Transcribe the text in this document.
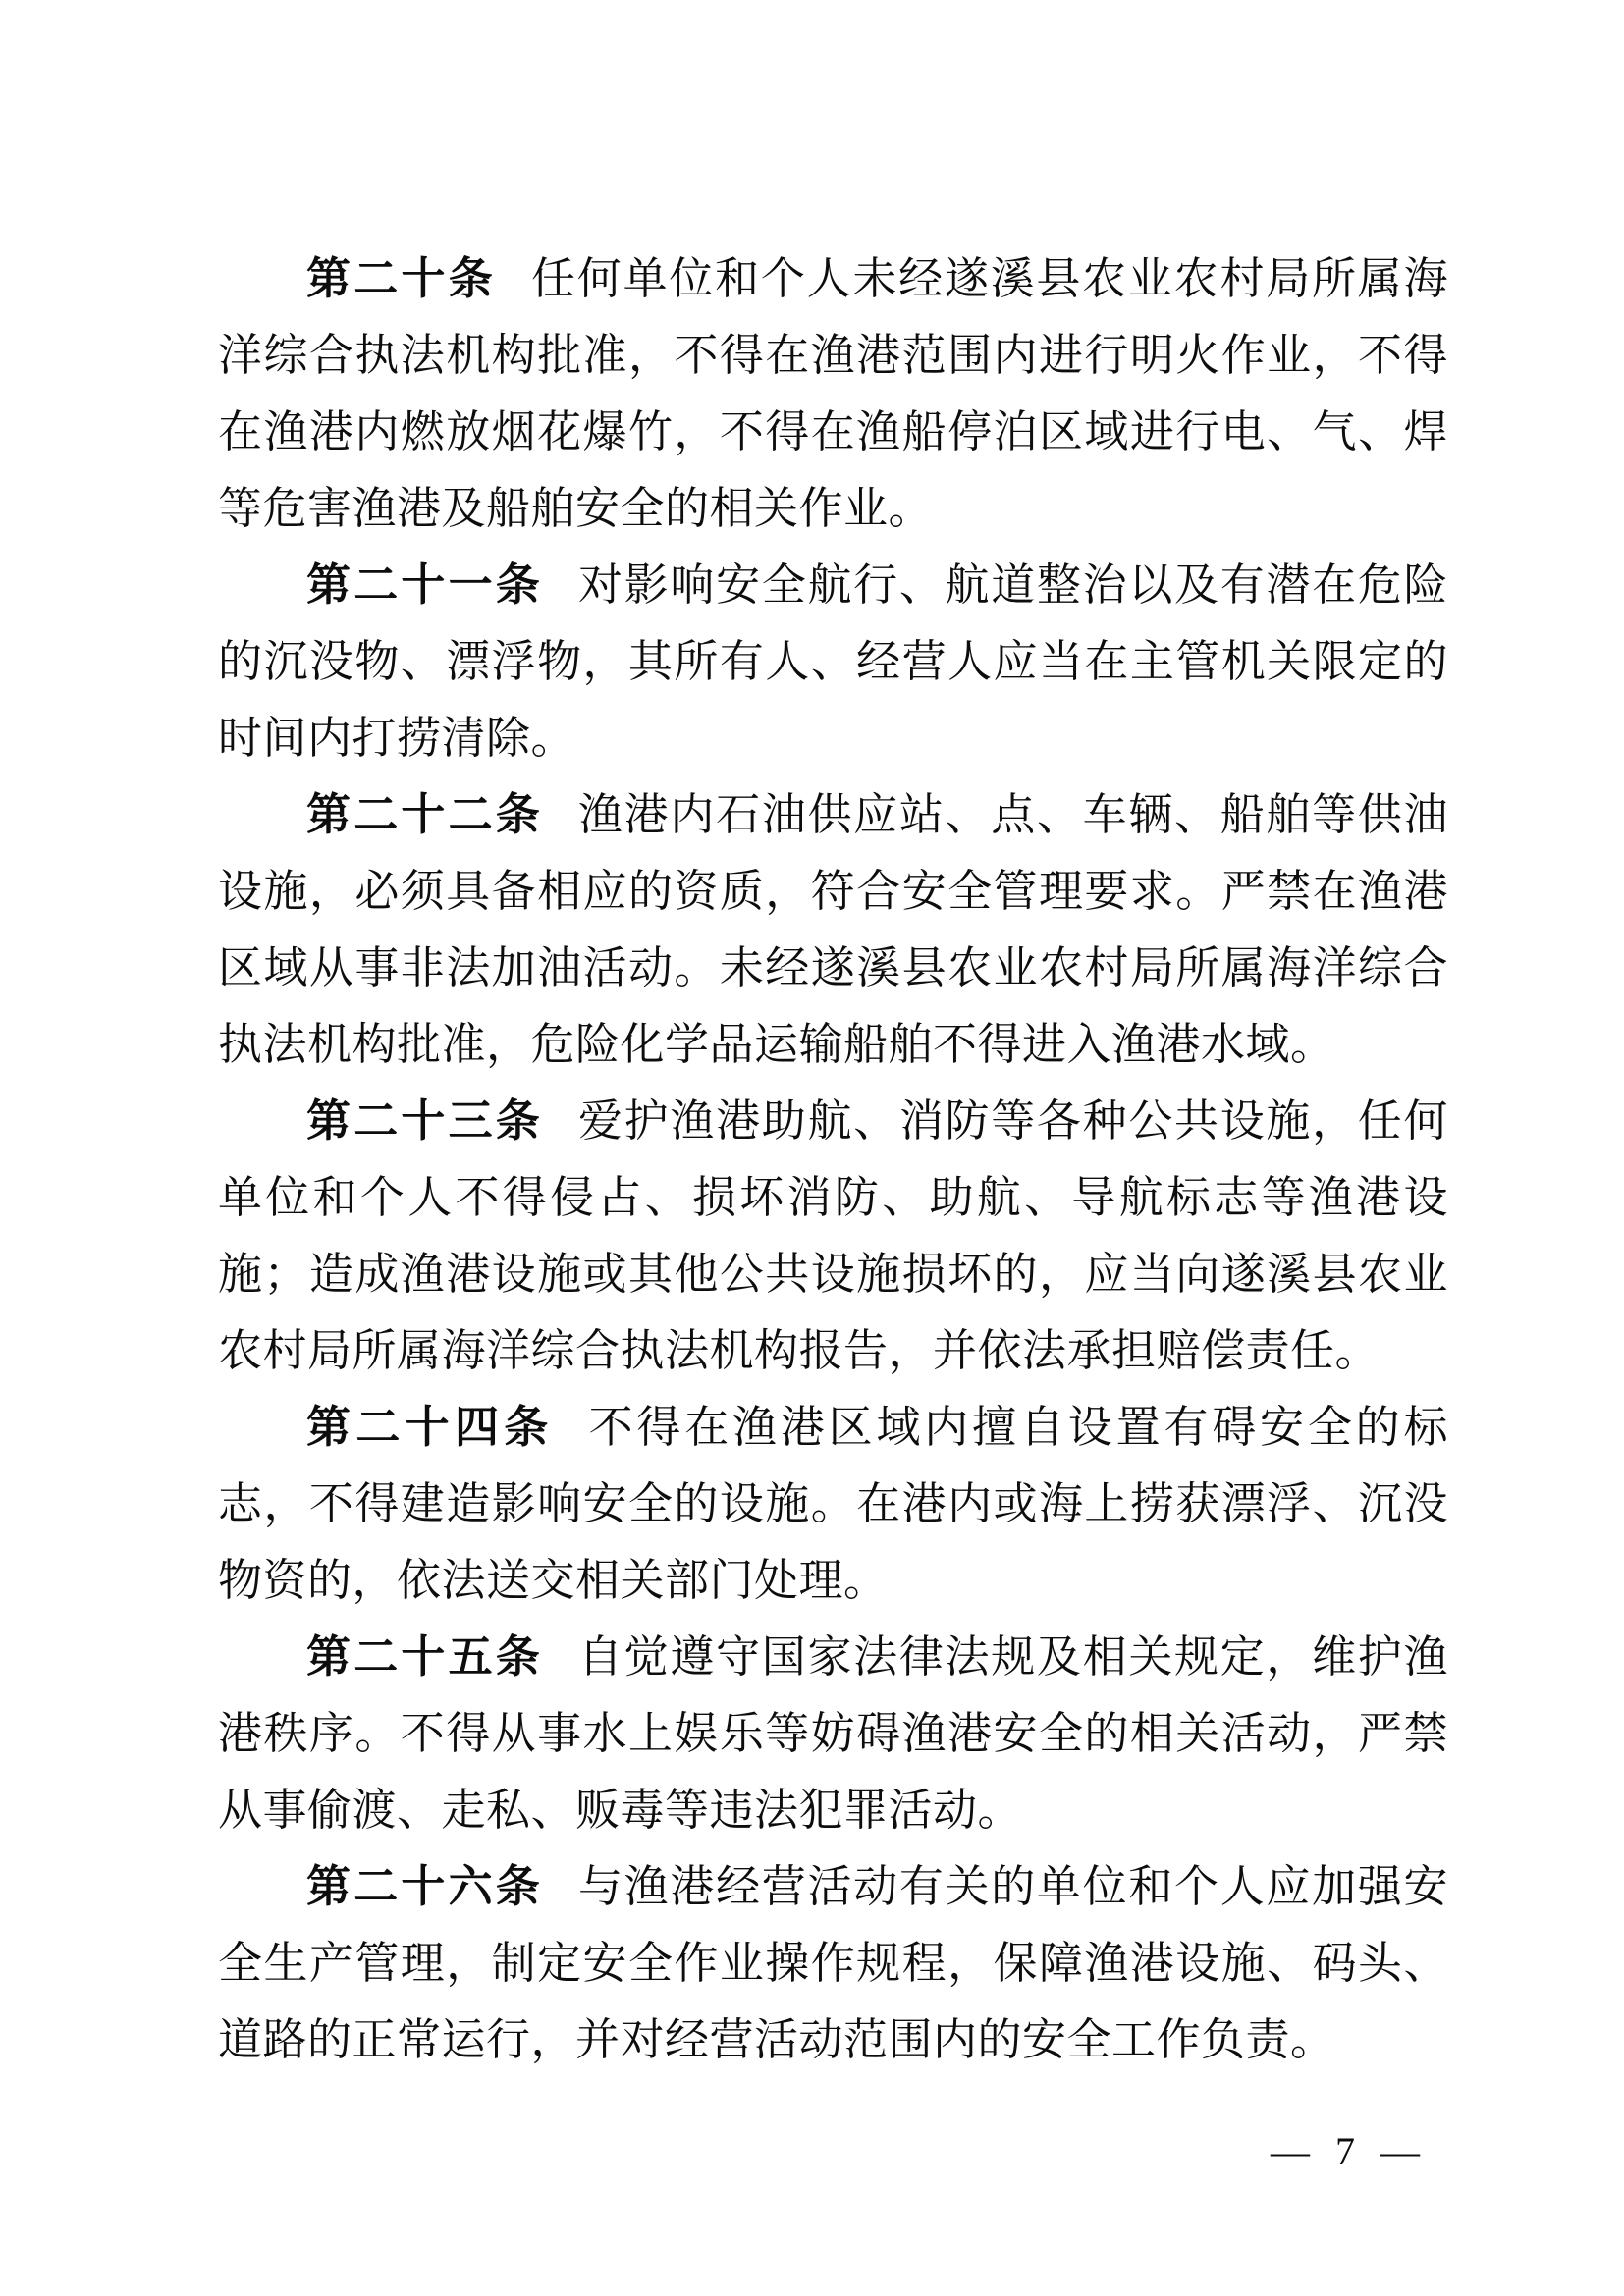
第二十条 任何单位和个人未经遂溪县农业农村局所属海洋综合执法机构批准，不得在渔港范围内进行明火作业，不得在渔港内燃放烟花爆竹，不得在渔船停泊区域进行电、气、焊等危害渔港及船舶安全的相关作业。

第二十一条 对影响安全航行、航道整治以及有潜在危险的沉没物、漂浮物，其所有人、经营人应当在主管机关限定的时间内打捞清除。

第二十二条 渔港内石油供应站、点、车辆、船舶等供油设施，必须具备相应的资质，符合安全管理要求。严禁在渔港区域从事非法加油活动。未经遂溪县农业农村局所属海洋综合执法机构批准，危险化学品运输船舶不得进入渔港水域。

第二十三条 爱护渔港助航、消防等各种公共设施，任何单位和个人不得侵占、损坏消防、助航、导航标志等渔港设施；造成渔港设施或其他公共设施损坏的，应当向遂溪县农业农村局所属海洋综合执法机构报告，并依法承担赔偿责任。

第二十四条 不得在渔港区域内擅自设置有碍安全的标志，不得建造影响安全的设施。在港内或海上捞获漂浮、沉没物资的，依法送交相关部门处理。

第二十五条 自觉遵守国家法律法规及相关规定，维护渔港秩序。不得从事水上娱乐等妨碍渔港安全的相关活动，严禁从事偷渡、走私、贩毒等违法犯罪活动。

第二十六条 与渔港经营活动有关的单位和个人应加强安全生产管理，制定安全作业操作规程，保障渔港设施、码头、道路的正常运行，并对经营活动范围内的安全工作负责。

— 7 —
